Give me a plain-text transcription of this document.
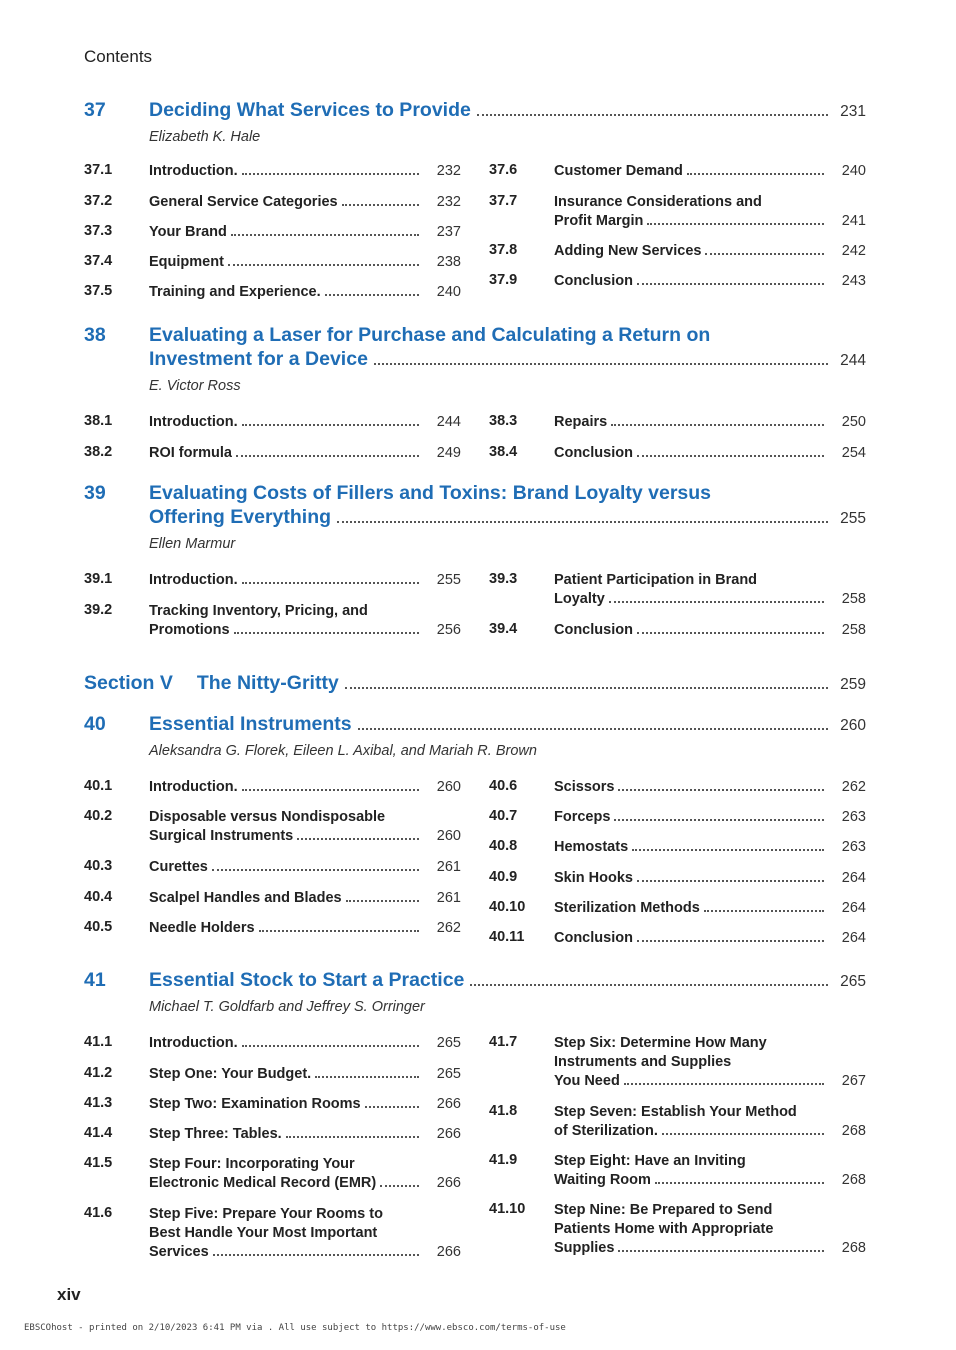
Contents
37 Deciding What Services to Provide	231
Elizabeth K. Hale
37.1	Introduction.	232
37.2	General Service Categories	232
37.3	Your Brand	237
37.4	Equipment	238
37.5	Training and Experience.	240
37.6	Customer Demand	240
37.7	Insurance Considerations and
Profit Margin	241
37.8	Adding New Services	242
37.9	Conclusion	243
38 Evaluating a Laser for Purchase and Calculating a Return on
Investment for a Device	244
E. Victor Ross
38.1	Introduction.	244
38.2	ROI formula	249
38.3	Repairs	250
38.4	Conclusion	254
39 Evaluating Costs of Fillers and Toxins: Brand Loyalty versus
Offering Everything	255
Ellen Marmur
39.1	Introduction.	255
39.2	Tracking Inventory, Pricing, and
Promotions	256
39.3	Patient Participation in Brand
Loyalty	258
39.4	Conclusion	258
Section V The Nitty-Gritty	259
40 Essential Instruments	260
Aleksandra G. Florek, Eileen L. Axibal, and Mariah R. Brown
40.1	Introduction.	260
40.2	Disposable versus Nondisposable
Surgical Instruments	260
40.3	Curettes	261
40.4	Scalpel Handles and Blades	261
40.5	Needle Holders	262
40.6	Scissors	262
40.7	Forceps	263
40.8	Hemostats	263
40.9	Skin Hooks	264
40.10 Sterilization Methods	264
40.11 Conclusion	264
41 Essential Stock to Start a Practice	265
Michael T. Goldfarb and Jeffrey S. Orringer
41.1	Introduction.	265
41.2	Step One: Your Budget.	265
41.3	Step Two: Examination Rooms	266
41.4	Step Three: Tables.	266
41.5	Step Four: Incorporating Your
Electronic Medical Record (EMR)	266
41.6	Step Five: Prepare Your Rooms to
Best Handle Your Most Important
Services	266
41.7	Step Six: Determine How Many
Instruments and Supplies
You Need	267
41.8	Step Seven: Establish Your Method
of Sterilization.	268
41.9	Step Eight: Have an Inviting
Waiting Room	268
41.10 Step Nine: Be Prepared to Send
Patients Home with Appropriate
Supplies	268
xiv
EBSCOhost - printed on 2/10/2023 6:41 PM via . All use subject to https://www.ebsco.com/terms-of-use
